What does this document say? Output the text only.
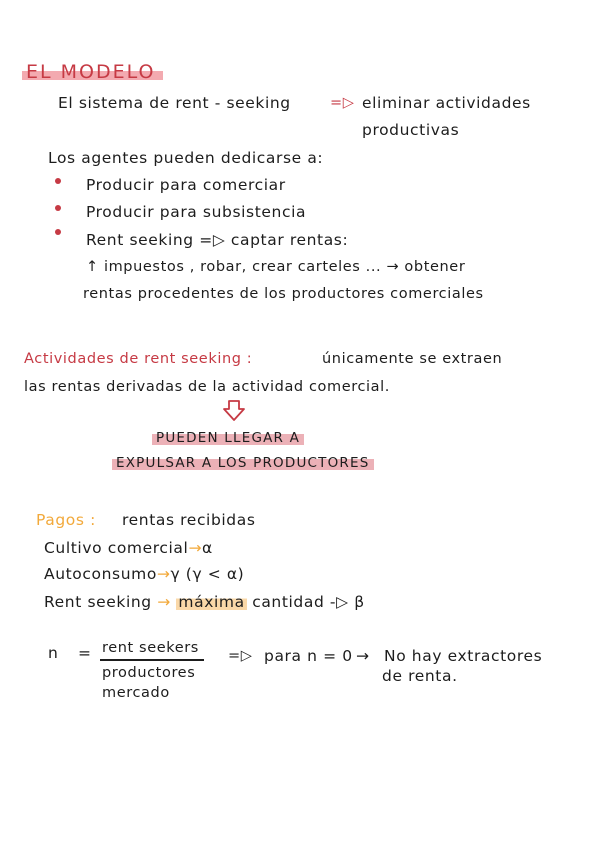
EL MODELO
El sistema de rent - seeking	=▷ eliminar actividades
productivas
Los agentes pueden dedicarse a:
Producir para comerciar
Producir para subsistencia
Rent seeking =▷ captar rentas:
↑ impuestos , robar, crear carteles ... → obtener
rentas procedentes de los productores comerciales
Actividades de rent seeking :	únicamente se extraen
las rentas derivadas de la actividad comercial.
PUEDEN LLEGAR A
EXPULSAR A LOS PRODUCTORES
Pagos : rentas recibidas
Cultivo comercial→α
Autoconsumo→γ (γ < α)
Rent seeking → máxima cantidad -▷ β
n = rent seekers
productores
mercado
=▷ para n = 0 → No hay extractores
de renta.
